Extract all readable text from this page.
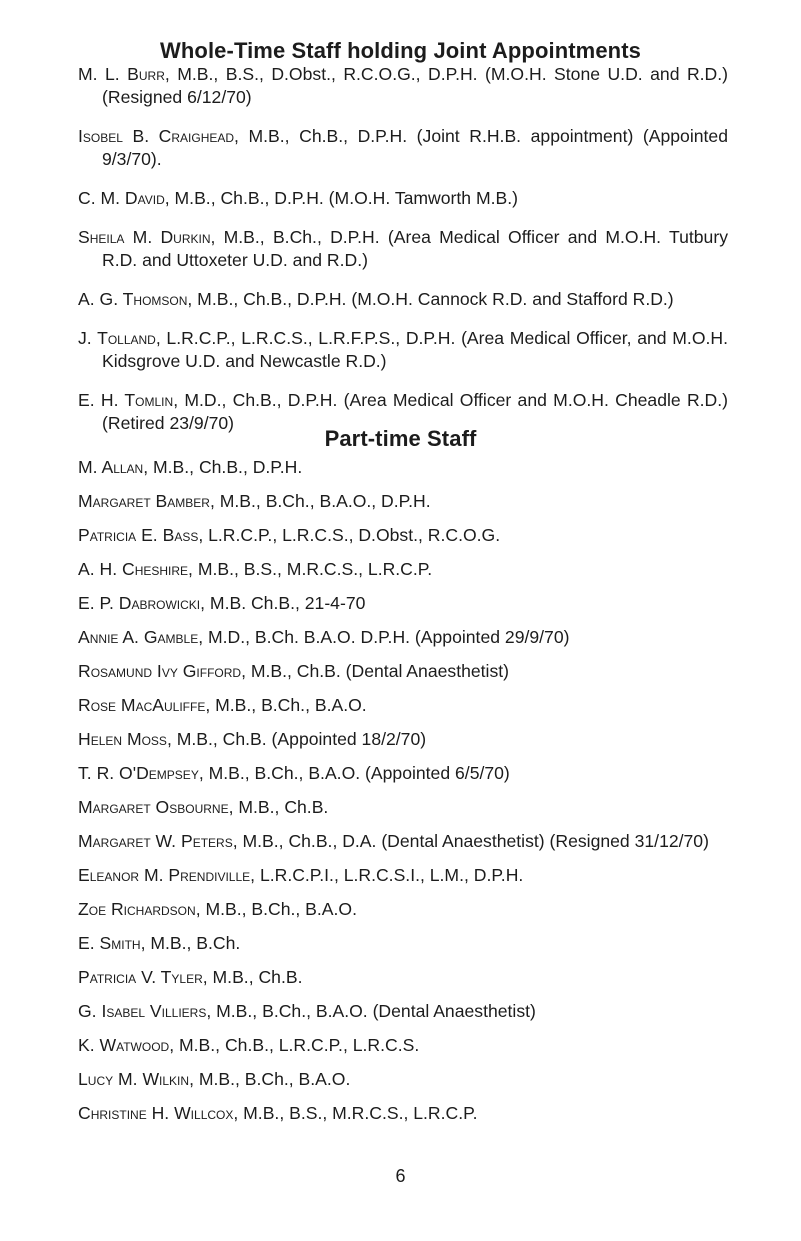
Whole-Time Staff holding Joint Appointments
M. L. Burr, M.B., B.S., D.Obst., R.C.O.G., D.P.H. (M.O.H. Stone U.D. and R.D.) (Resigned 6/12/70)
Isobel B. Craighead, M.B., Ch.B., D.P.H. (Joint R.H.B. appointment) (Appointed 9/3/70).
C. M. David, M.B., Ch.B., D.P.H. (M.O.H. Tamworth M.B.)
Sheila M. Durkin, M.B., B.Ch., D.P.H. (Area Medical Officer and M.O.H. Tutbury R.D. and Uttoxeter U.D. and R.D.)
A. G. Thomson, M.B., Ch.B., D.P.H. (M.O.H. Cannock R.D. and Stafford R.D.)
J. Tolland, L.R.C.P., L.R.C.S., L.R.F.P.S., D.P.H. (Area Medical Officer, and M.O.H. Kidsgrove U.D. and Newcastle R.D.)
E. H. Tomlin, M.D., Ch.B., D.P.H. (Area Medical Officer and M.O.H. Cheadle R.D.) (Retired 23/9/70)
Part-time Staff
M. Allan, M.B., Ch.B., D.P.H.
Margaret Bamber, M.B., B.Ch., B.A.O., D.P.H.
Patricia E. Bass, L.R.C.P., L.R.C.S., D.Obst., R.C.O.G.
A. H. Cheshire, M.B., B.S., M.R.C.S., L.R.C.P.
E. P. Dabrowicki, M.B. Ch.B., 21-4-70
Annie A. Gamble, M.D., B.Ch. B.A.O. D.P.H. (Appointed 29/9/70)
Rosamund Ivy Gifford, M.B., Ch.B. (Dental Anaesthetist)
Rose MacAuliffe, M.B., B.Ch., B.A.O.
Helen Moss, M.B., Ch.B. (Appointed 18/2/70)
T. R. O'Dempsey, M.B., B.Ch., B.A.O. (Appointed 6/5/70)
Margaret Osbourne, M.B., Ch.B.
Margaret W. Peters, M.B., Ch.B., D.A. (Dental Anaesthetist) (Resigned 31/12/70)
Eleanor M. Prendiville, L.R.C.P.I., L.R.C.S.I., L.M., D.P.H.
Zoe Richardson, M.B., B.Ch., B.A.O.
E. Smith, M.B., B.Ch.
Patricia V. Tyler, M.B., Ch.B.
G. Isabel Villiers, M.B., B.Ch., B.A.O. (Dental Anaesthetist)
K. Watwood, M.B., Ch.B., L.R.C.P., L.R.C.S.
Lucy M. Wilkin, M.B., B.Ch., B.A.O.
Christine H. Willcox, M.B., B.S., M.R.C.S., L.R.C.P.
6
